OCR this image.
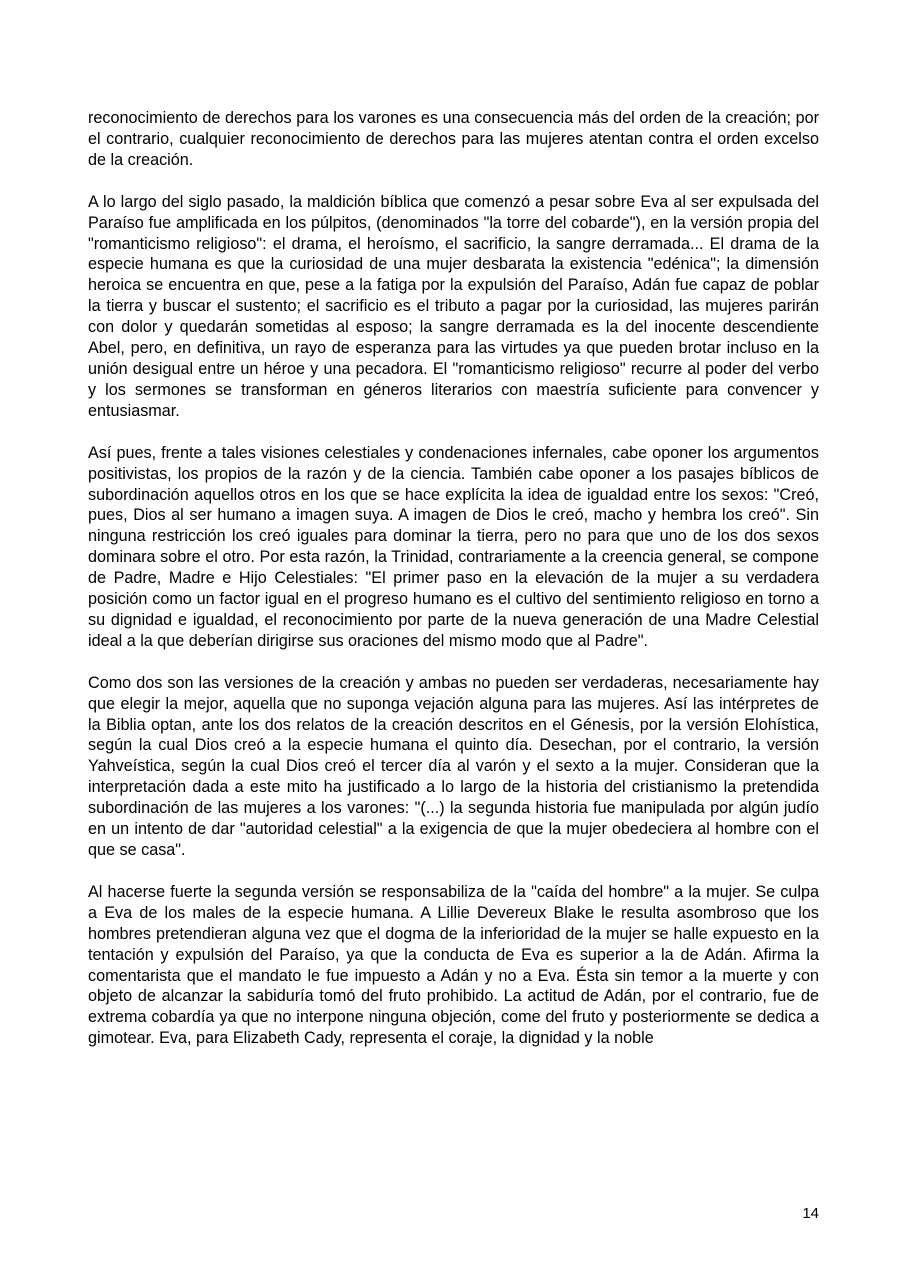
reconocimiento de derechos para los varones es una consecuencia más del orden de la creación; por el contrario, cualquier reconocimiento de derechos para las mujeres atentan contra el orden excelso de la creación.

A lo largo del siglo pasado, la maldición bíblica que comenzó a pesar sobre Eva al ser expulsada del Paraíso fue amplificada en los púlpitos, (denominados "la torre del cobarde"), en la versión propia del "romanticismo religioso": el drama, el heroísmo, el sacrificio, la sangre derramada... El drama de la especie humana es que la curiosidad de una mujer desbarata la existencia "edénica"; la dimensión heroica se encuentra en que, pese a la fatiga por la expulsión del Paraíso, Adán fue capaz de poblar la tierra y buscar el sustento; el sacrificio es el tributo a pagar por la curiosidad, las mujeres parirán con dolor y quedarán sometidas al esposo; la sangre derramada es la del inocente descendiente Abel, pero, en definitiva, un rayo de esperanza para las virtudes ya que pueden brotar incluso en la unión desigual entre un héroe y una pecadora. El "romanticismo religioso" recurre al poder del verbo y los sermones se transforman en géneros literarios con maestría suficiente para convencer y entusiasmar.

Así pues, frente a tales visiones celestiales y condenaciones infernales, cabe oponer los argumentos positivistas, los propios de la razón y de la ciencia. También cabe oponer a los pasajes bíblicos de subordinación aquellos otros en los que se hace explícita la idea de igualdad entre los sexos: "Creó, pues, Dios al ser humano a imagen suya. A imagen de Dios le creó, macho y hembra los creó". Sin ninguna restricción los creó iguales para dominar la tierra, pero no para que uno de los dos sexos dominara sobre el otro. Por esta razón, la Trinidad, contrariamente a la creencia general, se compone de Padre, Madre e Hijo Celestiales: "El primer paso en la elevación de la mujer a su verdadera posición como un factor igual en el progreso humano es el cultivo del sentimiento religioso en torno a su dignidad e igualdad, el reconocimiento por parte de la nueva generación de una Madre Celestial ideal a la que deberían dirigirse sus oraciones del mismo modo que al Padre".

Como dos son las versiones de la creación y ambas no pueden ser verdaderas, necesariamente hay que elegir la mejor, aquella que no suponga vejación alguna para las mujeres. Así las intérpretes de la Biblia optan, ante los dos relatos de la creación descritos en el Génesis, por la versión Elohística, según la cual Dios creó a la especie humana el quinto día. Desechan, por el contrario, la versión Yahveística, según la cual Dios creó el tercer día al varón y el sexto a la mujer. Consideran que la interpretación dada a este mito ha justificado a lo largo de la historia del cristianismo la pretendida subordinación de las mujeres a los varones: "(...) la segunda historia fue manipulada por algún judío en un intento de dar "autoridad celestial" a la exigencia de que la mujer obedeciera al hombre con el que se casa".

Al hacerse fuerte la segunda versión se responsabiliza de la "caída del hombre" a la mujer. Se culpa a Eva de los males de la especie humana. A Lillie Devereux Blake le resulta asombroso que los hombres pretendieran alguna vez que el dogma de la inferioridad de la mujer se halle expuesto en la tentación y expulsión del Paraíso, ya que la conducta de Eva es superior a la de Adán. Afirma la comentarista que el mandato le fue impuesto a Adán y no a Eva. Ésta sin temor a la muerte y con objeto de alcanzar la sabiduría tomó del fruto prohibido. La actitud de Adán, por el contrario, fue de extrema cobardía ya que no interpone ninguna objeción, come del fruto y posteriormente se dedica a gimotear. Eva, para Elizabeth Cady, representa el coraje, la dignidad y la noble

14
